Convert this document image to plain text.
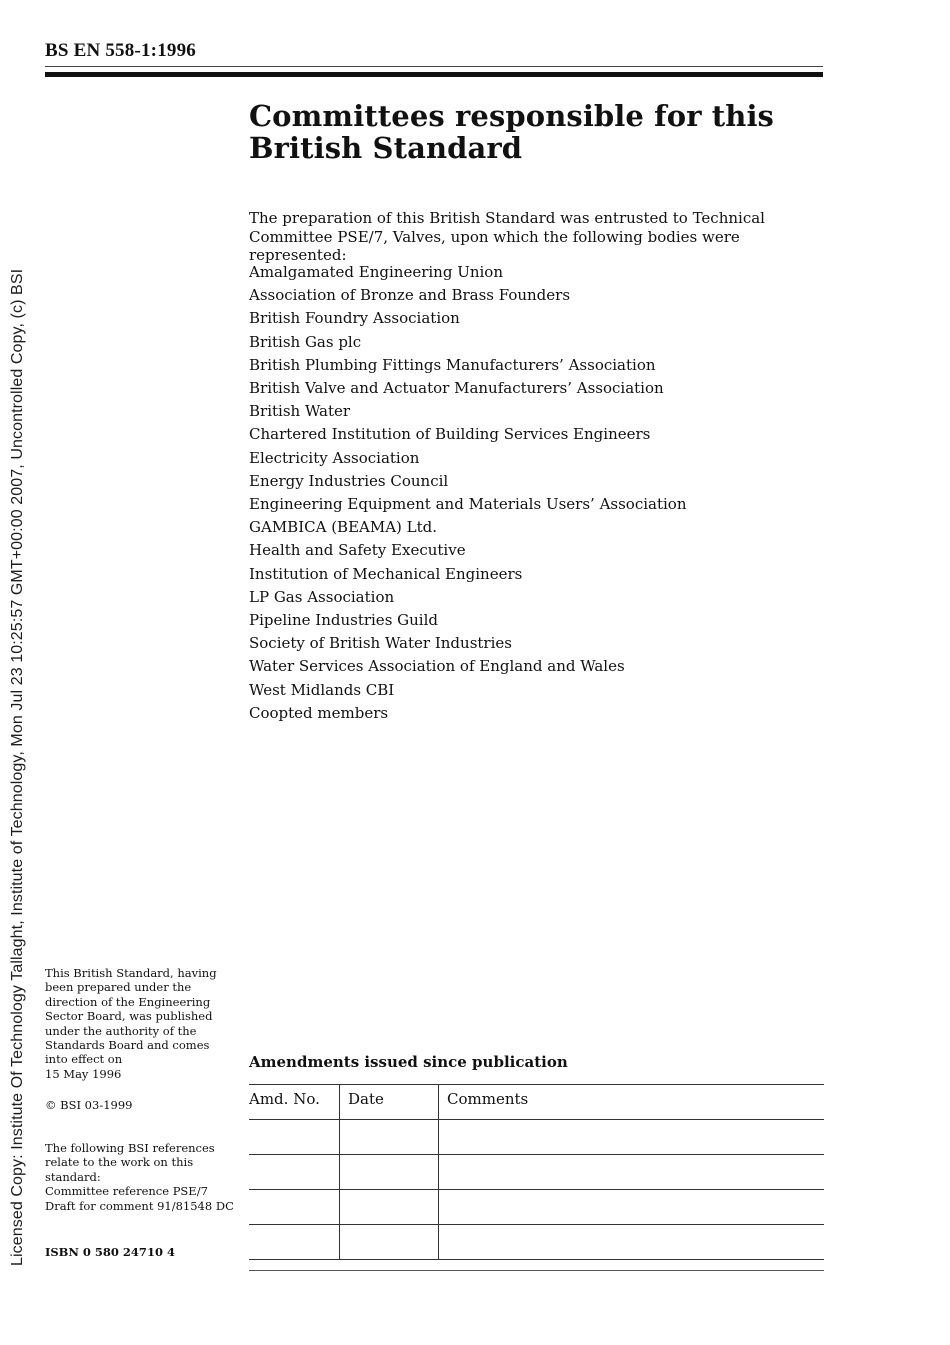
Licensed Copy: Institute Of Technology Tallaght, Institute of Technology, Mon Jul 23 10:25:57 GMT+00:00 2007, Uncontrolled Copy, (c) BSI
BS EN 558-1:1996
Committees responsible for this
British Standard

The preparation of this British Standard was entrusted to Technical
Committee PSE/7, Valves, upon which the following bodies were represented:

Amalgamated Engineering Union
Association of Bronze and Brass Founders
British Foundry Association
British Gas plc
British Plumbing Fittings Manufacturers’ Association
British Valve and Actuator Manufacturers’ Association
British Water
Chartered Institution of Building Services Engineers
Electricity Association
Energy Industries Council
Engineering Equipment and Materials Users’ Association
GAMBICA (BEAMA) Ltd.
Health and Safety Executive
Institution of Mechanical Engineers
LP Gas Association
Pipeline Industries Guild
Society of British Water Industries
Water Services Association of England and Wales
West Midlands CBI
Coopted members

This British Standard, having
been prepared under the
direction of the Engineering
Sector Board, was published
under the authority of the
Standards Board and comes
into effect on
15 May 1996

© BSI 03-1999

The following BSI references
relate to the work on this
standard:
Committee reference PSE/7
Draft for comment 91/81548 DC

ISBN 0 580 24710 4

Amendments issued since publication
Amd. No.	Date	Comments
